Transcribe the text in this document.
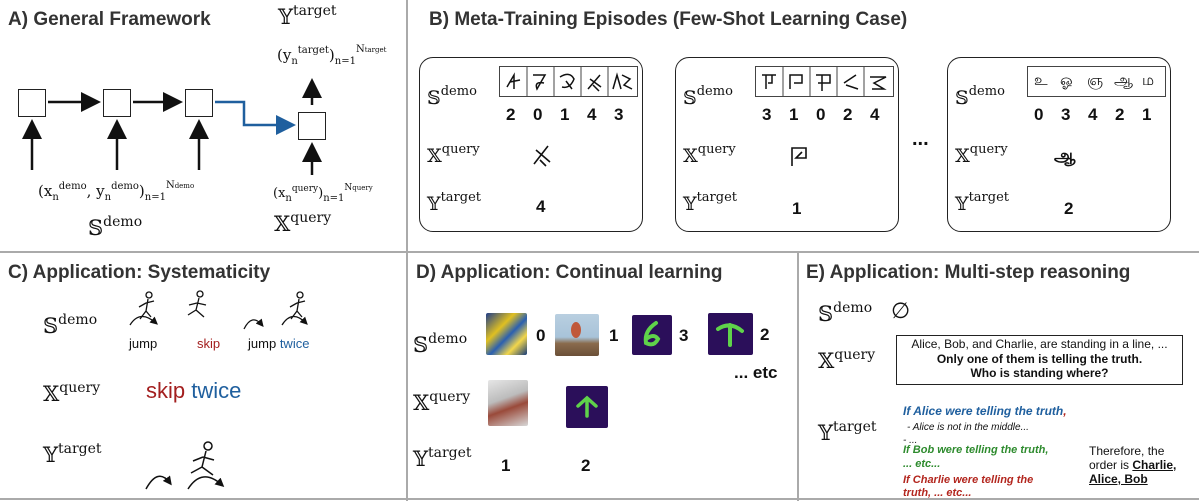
A) General Framework	𝕐$^{target}$
$(y_n^{target})_{n=1}^{Ntarget}$
($x_n^{demo}$, $y_n^{demo})_{n=1}^{Ndemo}$	$(x_n^{query})_{n=1}^{Nquery}$
𝕊$^{demo}$	𝕏$^{query}$
B) Meta-Training Episodes (Few-Shot Learning Case)
𝕊$^{demo}$
2 0 1 4 3
𝕏$^{query}$
𝕐$^{target}$	4
𝕊$^{demo}$
3 1 0 2 4
𝕏$^{query}$
𝕐$^{target}$
1
...
𝕊$^{demo}$
உ ஓ ஞ ஆ ம
0 3 4 2 1
𝕏$^{query}$	ஆ
𝕐$^{target}$
2
C) Application: Systematicity
𝕊$^{demo}$
jump	skip jump twice
𝕏$^{query}$ skip twice
𝕐$^{target}$
D) Application: Continual learning
𝕊$^{demo}$	0	1	3	2
... etc
𝕏$^{query}$
𝕐$^{target}$
1	2
E) Application: Multi-step reasoning
𝕊$^{demo}$ ∅
𝕏$^{query}$
Alice, Bob, and Charlie, are standing in a line, ...
Only one of them is telling the truth.
Who is standing where?
𝕐$^{target}$
If Alice were telling the truth,
- Alice is not in the middle...
- ...
If Bob were telling the truth,
... etc...
If Charlie were telling the
truth, ... etc...
Therefore, the
order is Charlie,
Alice, Bob
